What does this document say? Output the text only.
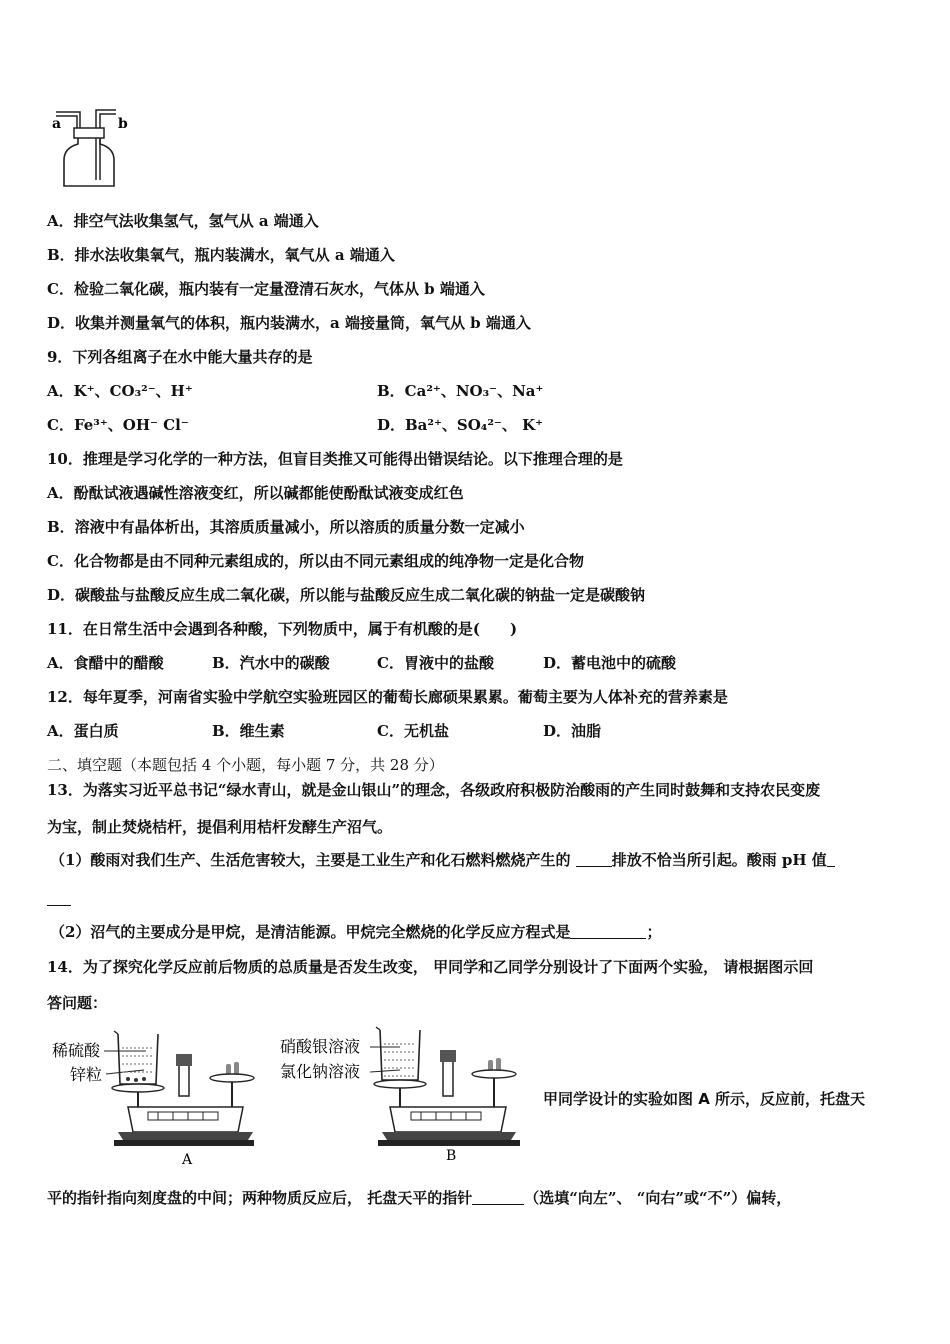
a	b
A．排空气法收集氢气，氢气从 a 端通入
B．排水法收集氧气，瓶内装满水，氧气从 a 端通入
C．检验二氧化碳，瓶内装有一定量澄清石灰水，气体从 b 端通入
D．收集并测量氧气的体积，瓶内装满水，a 端接量筒，氧气从 b 端通入
9．下列各组离子在水中能大量共存的是
A．K⁺、CO₃²⁻、H⁺	B．Ca²⁺、NO₃⁻、Na⁺
C．Fe³⁺、OH⁻ Cl⁻	D．Ba²⁺、SO₄²⁻、 K⁺
10．推理是学习化学的一种方法，但盲目类推又可能得出错误结论。以下推理合理的是
A．酚酞试液遇碱性溶液变红，所以碱都能使酚酞试液变成红色
B．溶液中有晶体析出，其溶质质量减小，所以溶质的质量分数一定减小
C．化合物都是由不同种元素组成的，所以由不同元素组成的纯净物一定是化合物
D．碳酸盐与盐酸反应生成二氧化碳，所以能与盐酸反应生成二氧化碳的钠盐一定是碳酸钠
11．在日常生活中会遇到各种酸，下列物质中，属于有机酸的是(　　)
A．食醋中的醋酸	B．汽水中的碳酸	C．胃液中的盐酸	D．蓄电池中的硫酸
12．每年夏季，河南省实验中学航空实验班园区的葡萄长廊硕果累累。葡萄主要为人体补充的营养素是
A．蛋白质	B．维生素	C．无机盐	D．油脂
二、填空题（本题包括 4 个小题，每小题 7 分，共 28 分）
13．为落实习近平总书记“绿水青山，就是金山银山”的理念，各级政府积极防治酸雨的产生同时鼓舞和支持农民变废
为宝，制止焚烧桔杆，提倡利用桔杆发酵生产沼气。
（1）酸雨对我们生产、生活危害较大，主要是工业生产和化石燃料燃烧产生的	排放不恰当所引起。酸雨 pH 值
（2）沼气的主要成分是甲烷，是清洁能源。甲烷完全燃烧的化学反应方程式是	；
14．为了探究化学反应前后物质的总质量是否发生改变， 甲同学和乙同学分别设计了下面两个实验， 请根据图示回
答问题：
稀硫酸
锌粒
A
硝酸银溶液
氯化钠溶液
B
甲同学设计的实验如图 A 所示，反应前，托盘天
平的指针指向刻度盘的中间；两种物质反应后， 托盘天平的指针	（选填“向左”、 “向右”或“不”）偏转，
